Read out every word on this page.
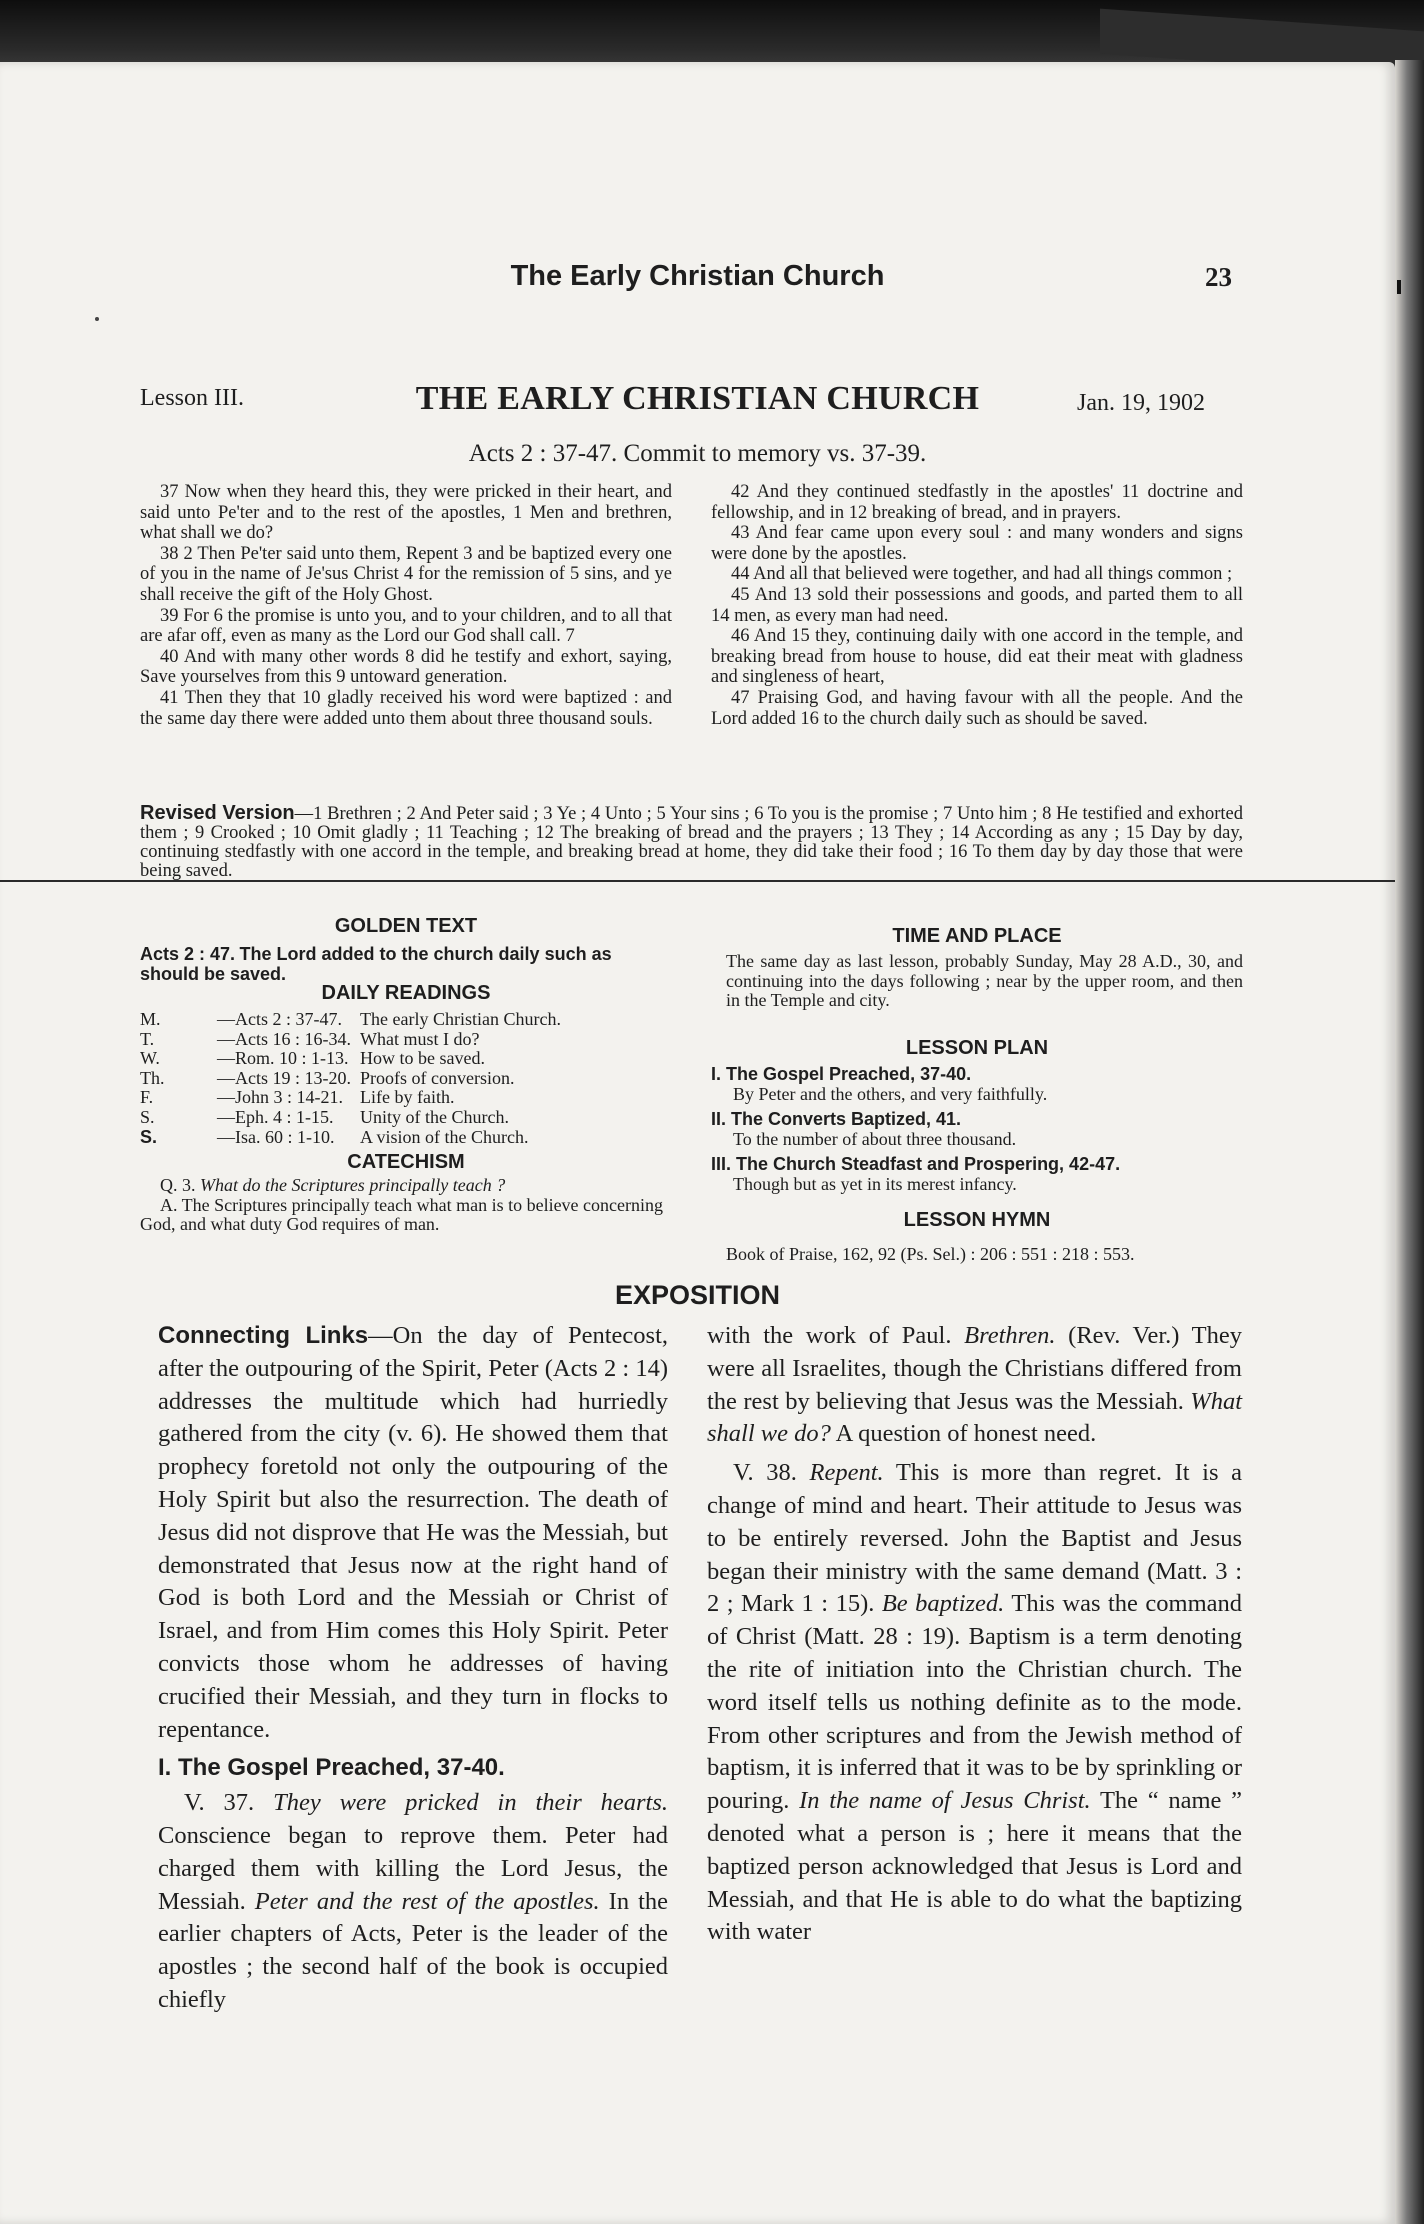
The Early Christian Church	23
Lesson III.	THE EARLY CHRISTIAN CHURCH	Jan. 19, 1902
Acts 2 : 37-47. Commit to memory vs. 37-39.

37 Now when they heard this, they were pricked in their heart, and said unto Pe'ter and to the rest of the apostles, 1 Men and brethren, what shall we do?

38 2 Then Pe'ter said unto them, Repent 3 and be baptized every one of you in the name of Je'sus Christ 4 for the remission of 5 sins, and ye shall receive the gift of the Holy Ghost.

39 For 6 the promise is unto you, and to your children, and to all that are afar off, even as many as the Lord our God shall call. 7

40 And with many other words 8 did he testify and exhort, saying, Save yourselves from this 9 untoward generation.

41 Then they that 10 gladly received his word were baptized : and the same day there were added unto them about three thousand souls.

42 And they continued stedfastly in the apostles' 11 doctrine and fellowship, and in 12 breaking of bread, and in prayers.

43 And fear came upon every soul : and many wonders and signs were done by the apostles.

44 And all that believed were together, and had all things common ;

45 And 13 sold their possessions and goods, and parted them to all 14 men, as every man had need.

46 And 15 they, continuing daily with one accord in the temple, and breaking bread from house to house, did eat their meat with gladness and singleness of heart,

47 Praising God, and having favour with all the people. And the Lord added 16 to the church daily such as should be saved.

Revised Version—1 Brethren ; 2 And Peter said ; 3 Ye ; 4 Unto ; 5 Your sins ; 6 To you is the promise ; 7 Unto him ; 8 He testified and exhorted them ; 9 Crooked ; 10 Omit gladly ; 11 Teaching ; 12 The breaking of bread and the prayers ; 13 They ; 14 According as any ; 15 Day by day, continuing stedfastly with one accord in the temple, and breaking bread at home, they did take their food ; 16 To them day by day those that were being saved.
GOLDEN TEXT
Acts 2 : 47. The Lord added to the church daily such as should be saved.
DAILY READINGS
M.	—Acts 2 : 37-47.	The early Christian Church.
T.	—Acts 16 : 16-34.	What must I do?
W.	—Rom. 10 : 1-13.	How to be saved.
Th.	—Acts 19 : 13-20.	Proofs of conversion.
F.	—John 3 : 14-21.	Life by faith.
S.	—Eph. 4 : 1-15.	Unity of the Church.
S.	—Isa. 60 : 1-10.	A vision of the Church.
CATECHISM

Q. 3. What do the Scriptures principally teach ?

A. The Scriptures principally teach what man is to believe concerning God, and what duty God requires of man.

TIME AND PLACE
The same day as last lesson, probably Sunday, May 28 A.D., 30, and continuing into the days following ; near by the upper room, and then in the Temple and city.
LESSON PLAN
I. The Gospel Preached, 37-40.
By Peter and the others, and very faithfully.
II. The Converts Baptized, 41.
To the number of about three thousand.
III. The Church Steadfast and Prospering, 42-47.
Though but as yet in its merest infancy.
LESSON HYMN
Book of Praise, 162, 92 (Ps. Sel.) : 206 : 551 : 218 : 553.
EXPOSITION

Connecting Links—On the day of Pentecost, after the outpouring of the Spirit, Peter (Acts 2 : 14) addresses the multitude which had hurriedly gathered from the city (v. 6). He showed them that prophecy foretold not only the outpouring of the Holy Spirit but also the resurrection. The death of Jesus did not disprove that He was the Messiah, but demonstrated that Jesus now at the right hand of God is both Lord and the Messiah or Christ of Israel, and from Him comes this Holy Spirit. Peter convicts those whom he addresses of having crucified their Messiah, and they turn in flocks to repentance.

I. The Gospel Preached, 37-40.

V. 37. They were pricked in their hearts. Conscience began to reprove them. Peter had charged them with killing the Lord Jesus, the Messiah. Peter and the rest of the apostles. In the earlier chapters of Acts, Peter is the leader of the apostles ; the second half of the book is occupied chiefly

with the work of Paul. Brethren. (Rev. Ver.) They were all Israelites, though the Christians differed from the rest by believing that Jesus was the Messiah. What shall we do? A question of honest need.

V. 38. Repent. This is more than regret. It is a change of mind and heart. Their attitude to Jesus was to be entirely reversed. John the Baptist and Jesus began their ministry with the same demand (Matt. 3 : 2 ; Mark 1 : 15). Be baptized. This was the command of Christ (Matt. 28 : 19). Baptism is a term denoting the rite of initiation into the Christian church. The word itself tells us nothing definite as to the mode. From other scriptures and from the Jewish method of baptism, it is inferred that it was to be by sprinkling or pouring. In the name of Jesus Christ. The “ name ” denoted what a person is ; here it means that the baptized person acknowledged that Jesus is Lord and Messiah, and that He is able to do what the baptizing with water
